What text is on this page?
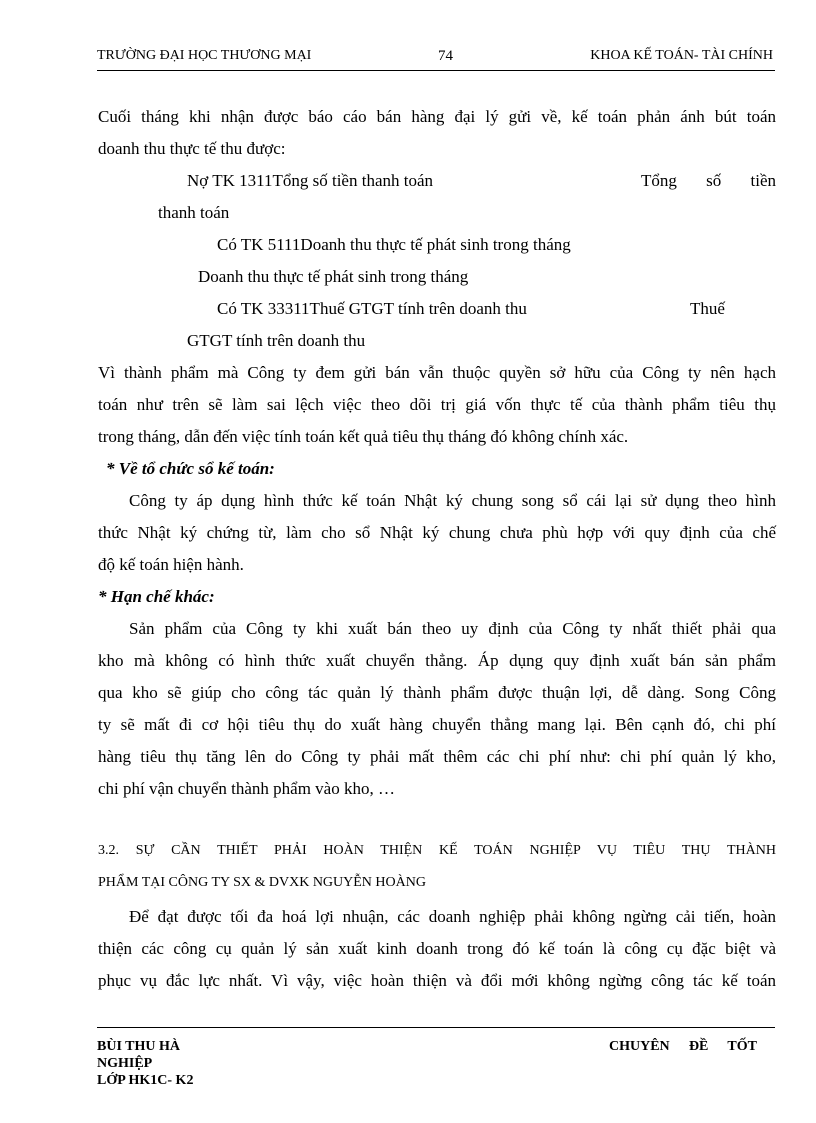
TRƯỜNG ĐẠI HỌC THƯƠNG MẠI	74	KHOA KẾ TOÁN- TÀI CHÍNH
Cuối tháng khi nhận được báo cáo bán hàng đại lý gửi về, kế toán phản ánh bút toán
doanh thu thực tế thu được:
Nợ TK 1311Tổng số tiền thanh toán	Tổng số tiền
thanh toán
Có TK 5111Doanh thu thực tế phát sinh trong tháng
Doanh thu thực tế phát sinh trong tháng
Có TK 33311Thuế GTGT tính trên doanh thu	Thuế
GTGT tính trên doanh thu
Vì thành phẩm mà Công ty đem gửi bán vẫn thuộc quyền sở hữu của Công ty nên hạch
toán như trên sẽ làm sai lệch việc theo dõi trị giá vốn thực tế của thành phẩm tiêu thụ
trong tháng, dẫn đến việc tính toán kết quả tiêu thụ tháng đó không chính xác.
* Về tổ chức sổ kế toán:
Công ty áp dụng hình thức kế toán Nhật ký chung song sổ cái lại sử dụng theo hình
thức Nhật ký chứng từ, làm cho sổ Nhật ký chung chưa phù hợp với quy định của chế
độ kế toán hiện hành.
* Hạn chế khác:
Sản phẩm của Công ty khi xuất bán theo uy định của Công ty nhất thiết phải qua
kho mà không có hình thức xuất chuyển thẳng. Áp dụng quy định xuất bán sản phẩm
qua kho sẽ giúp cho công tác quản lý thành phẩm được thuận lợi, dễ dàng. Song Công
ty sẽ mất đi cơ hội tiêu thụ do xuất hàng chuyển thẳng mang lại. Bên cạnh đó, chi phí
hàng tiêu thụ tăng lên do Công ty phải mất thêm các chi phí như: chi phí quản lý kho,
chi phí vận chuyển thành phẩm vào kho, …
3.2. SỰ CẦN THIẾT PHẢI HOÀN THIỆN KẾ TOÁN NGHIỆP VỤ TIÊU THỤ THÀNH
PHẨM TẠI CÔNG TY SX & DVXK NGUYỄN HOÀNG
Để đạt được tối đa hoá lợi nhuận, các doanh nghiệp phải không ngừng cải tiến, hoàn
thiện các công cụ quản lý sản xuất kinh doanh trong đó kế toán là công cụ đặc biệt và
phục vụ đắc lực nhất. Vì vậy, việc hoàn thiện và đổi mới không ngừng công tác kế toán
BÙI THU HÀ
NGHIỆP
LỚP HK1C- K2
CHUYÊN ĐỀ TỐT
